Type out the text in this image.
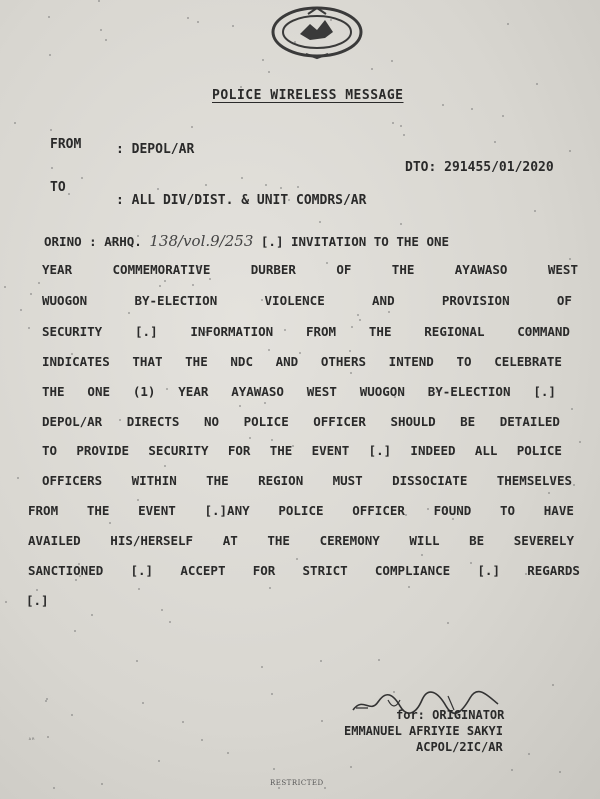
POLICE WIRELESS MESSAGE
FROM	: DEPOL/AR
DTO: 291455/01/2020
TO
: ALL DIV/DIST. & UNIT COMDRS/AR
ORINO : ARHQ. 138/vol.9/253 [.] INVITATION TO THE ONE
YEAR	COMMEMORATIVE	DURBER	OF	THE	AYAWASO	WEST
WUOGON	BY-ELECTION	VIOLENCE	AND	PROVISION	OF
SECURITY	[.]	INFORMATION	FROM	THE	REGIONAL	COMMAND
INDICATES THAT THE NDC AND OTHERS INTEND TO CELEBRATE
THE ONE (1) YEAR AYAWASO WEST WUOGON BY-ELECTION [.]
DEPOL/AR DIRECTS NO POLICE OFFICER SHOULD BE DETAILED
TO PROVIDE SECURITY FOR THE EVENT [.] INDEED ALL POLICE
OFFICERS WITHIN THE REGION MUST DISSOCIATE THEMSELVES
FROM THE EVENT [.]ANY POLICE OFFICER FOUND TO HAVE
AVAILED HIS/HERSELF AT THE CEREMONY WILL BE SEVERELY
SANCTIONED [.] ACCEPT FOR STRICT COMPLIANCE [.] REGARDS
[.]
for: ORIGINATOR
EMMANUEL AFRIYIE SAKYI
ACPOL/2IC/AR
ᴬᴿ
RESTRICTED
